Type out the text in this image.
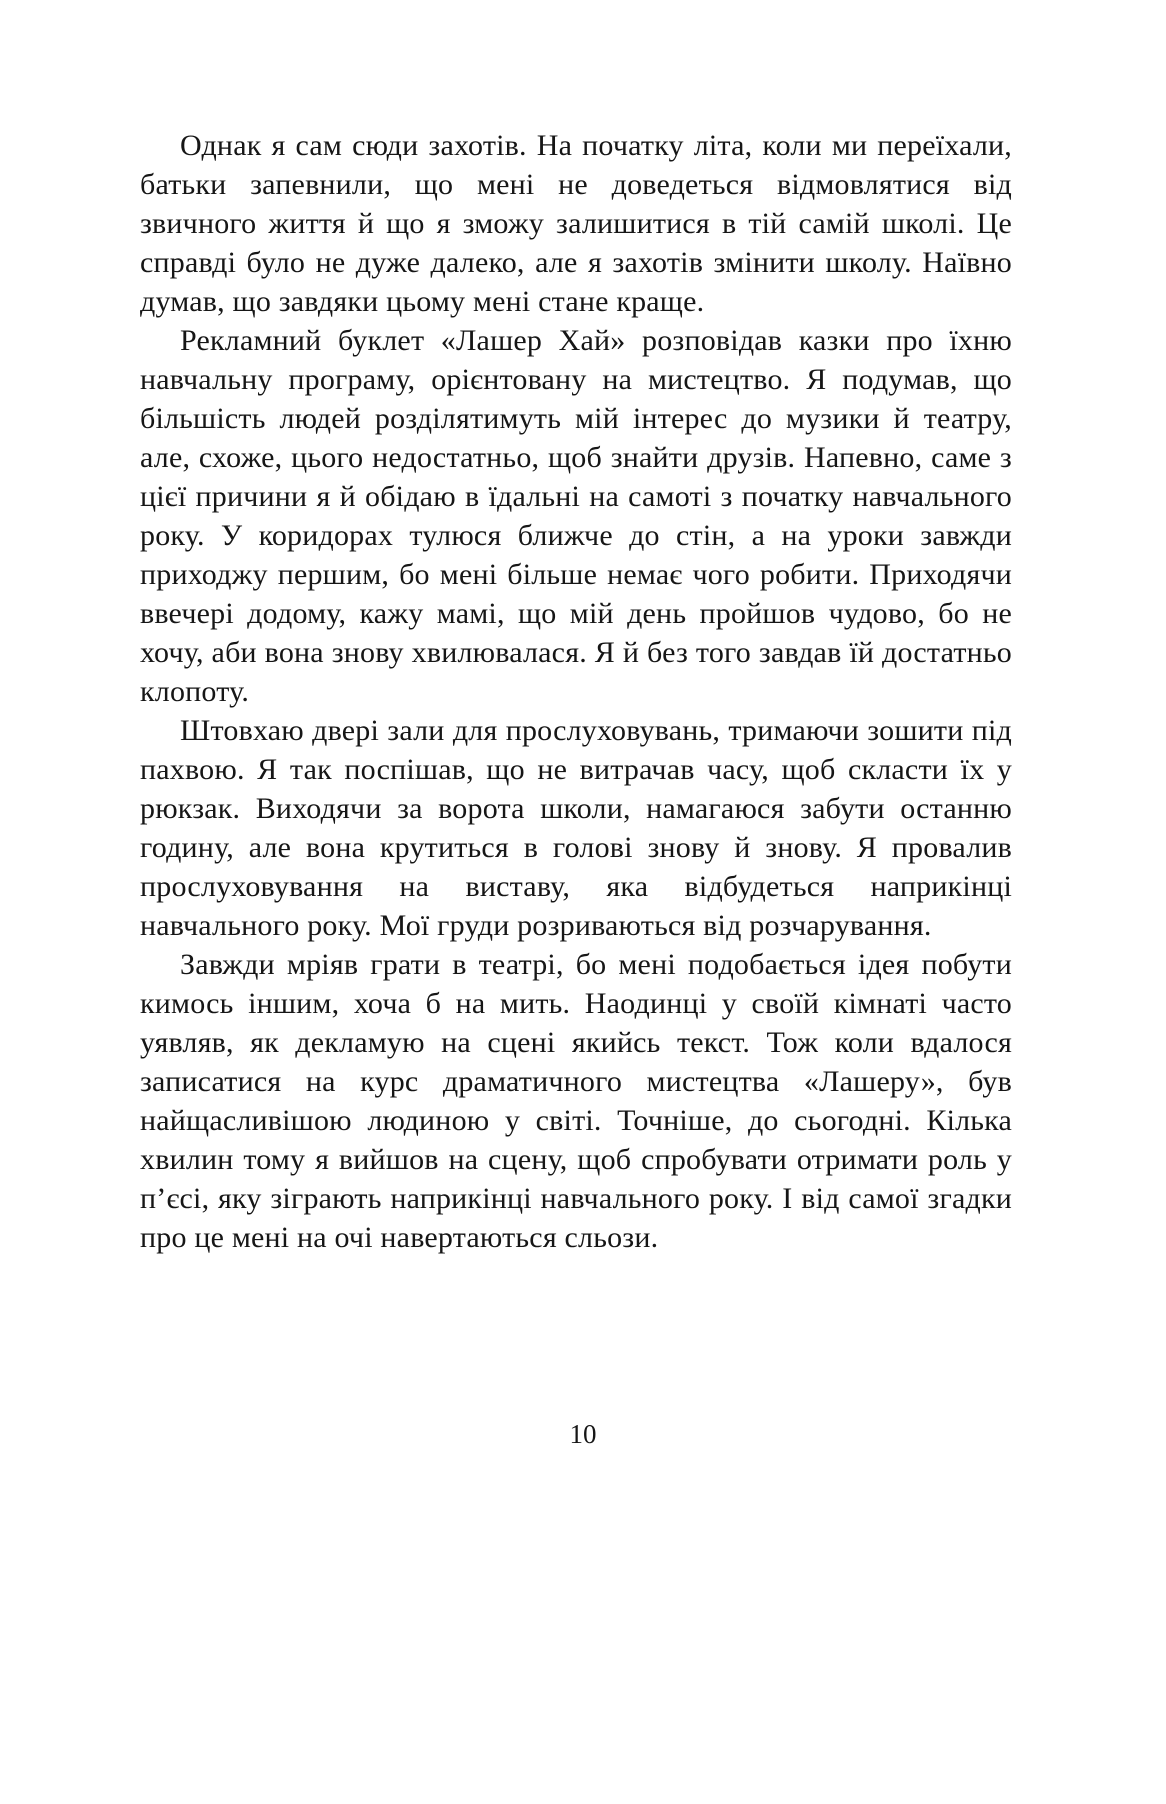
Однак я сам сюди захотів. На початку літа, коли ми переїхали, батьки запевнили, що мені не доведеться відмовлятися від звичного життя й що я зможу залишитися в тій самій школі. Це справді було не дуже далеко, але я захотів змінити школу. Наївно думав, що завдяки цьому мені стане краще.

Рекламний буклет «Лашер Хай» розповідав казки про їхню навчальну програму, орієнтовану на мистецтво. Я подумав, що більшість людей розділятимуть мій інтерес до музики й театру, але, схоже, цього недостатньо, щоб знайти друзів. Напевно, саме з цієї причини я й обідаю в їдальні на самоті з початку навчального року. У коридорах тулюся ближче до стін, а на уроки завжди приходжу першим, бо мені більше немає чого робити. Приходячи ввечері додому, кажу мамі, що мій день пройшов чудово, бо не хочу, аби вона знову хвилювалася. Я й без того завдав їй достатньо клопоту.

Штовхаю двері зали для прослуховувань, тримаючи зошити під пахвою. Я так поспішав, що не витрачав часу, щоб скласти їх у рюкзак. Виходячи за ворота школи, намагаюся забути останню годину, але вона крутиться в голові знову й знову. Я провалив прослуховування на виставу, яка відбудеться наприкінці навчального року. Мої груди розриваються від розчарування.

Завжди мріяв грати в театрі, бо мені подобається ідея побути кимось іншим, хоча б на мить. Наодинці у своїй кімнаті часто уявляв, як декламую на сцені якийсь текст. Тож коли вдалося записатися на курс драматичного мистецтва «Лашеру», був найщасливішою людиною у світі. Точніше, до сьогодні. Кілька хвилин тому я вийшов на сцену, щоб спробувати отримати роль у п’єсі, яку зіграють наприкінці навчального року. І від самої згадки про це мені на очі навертаються сльози.

10
